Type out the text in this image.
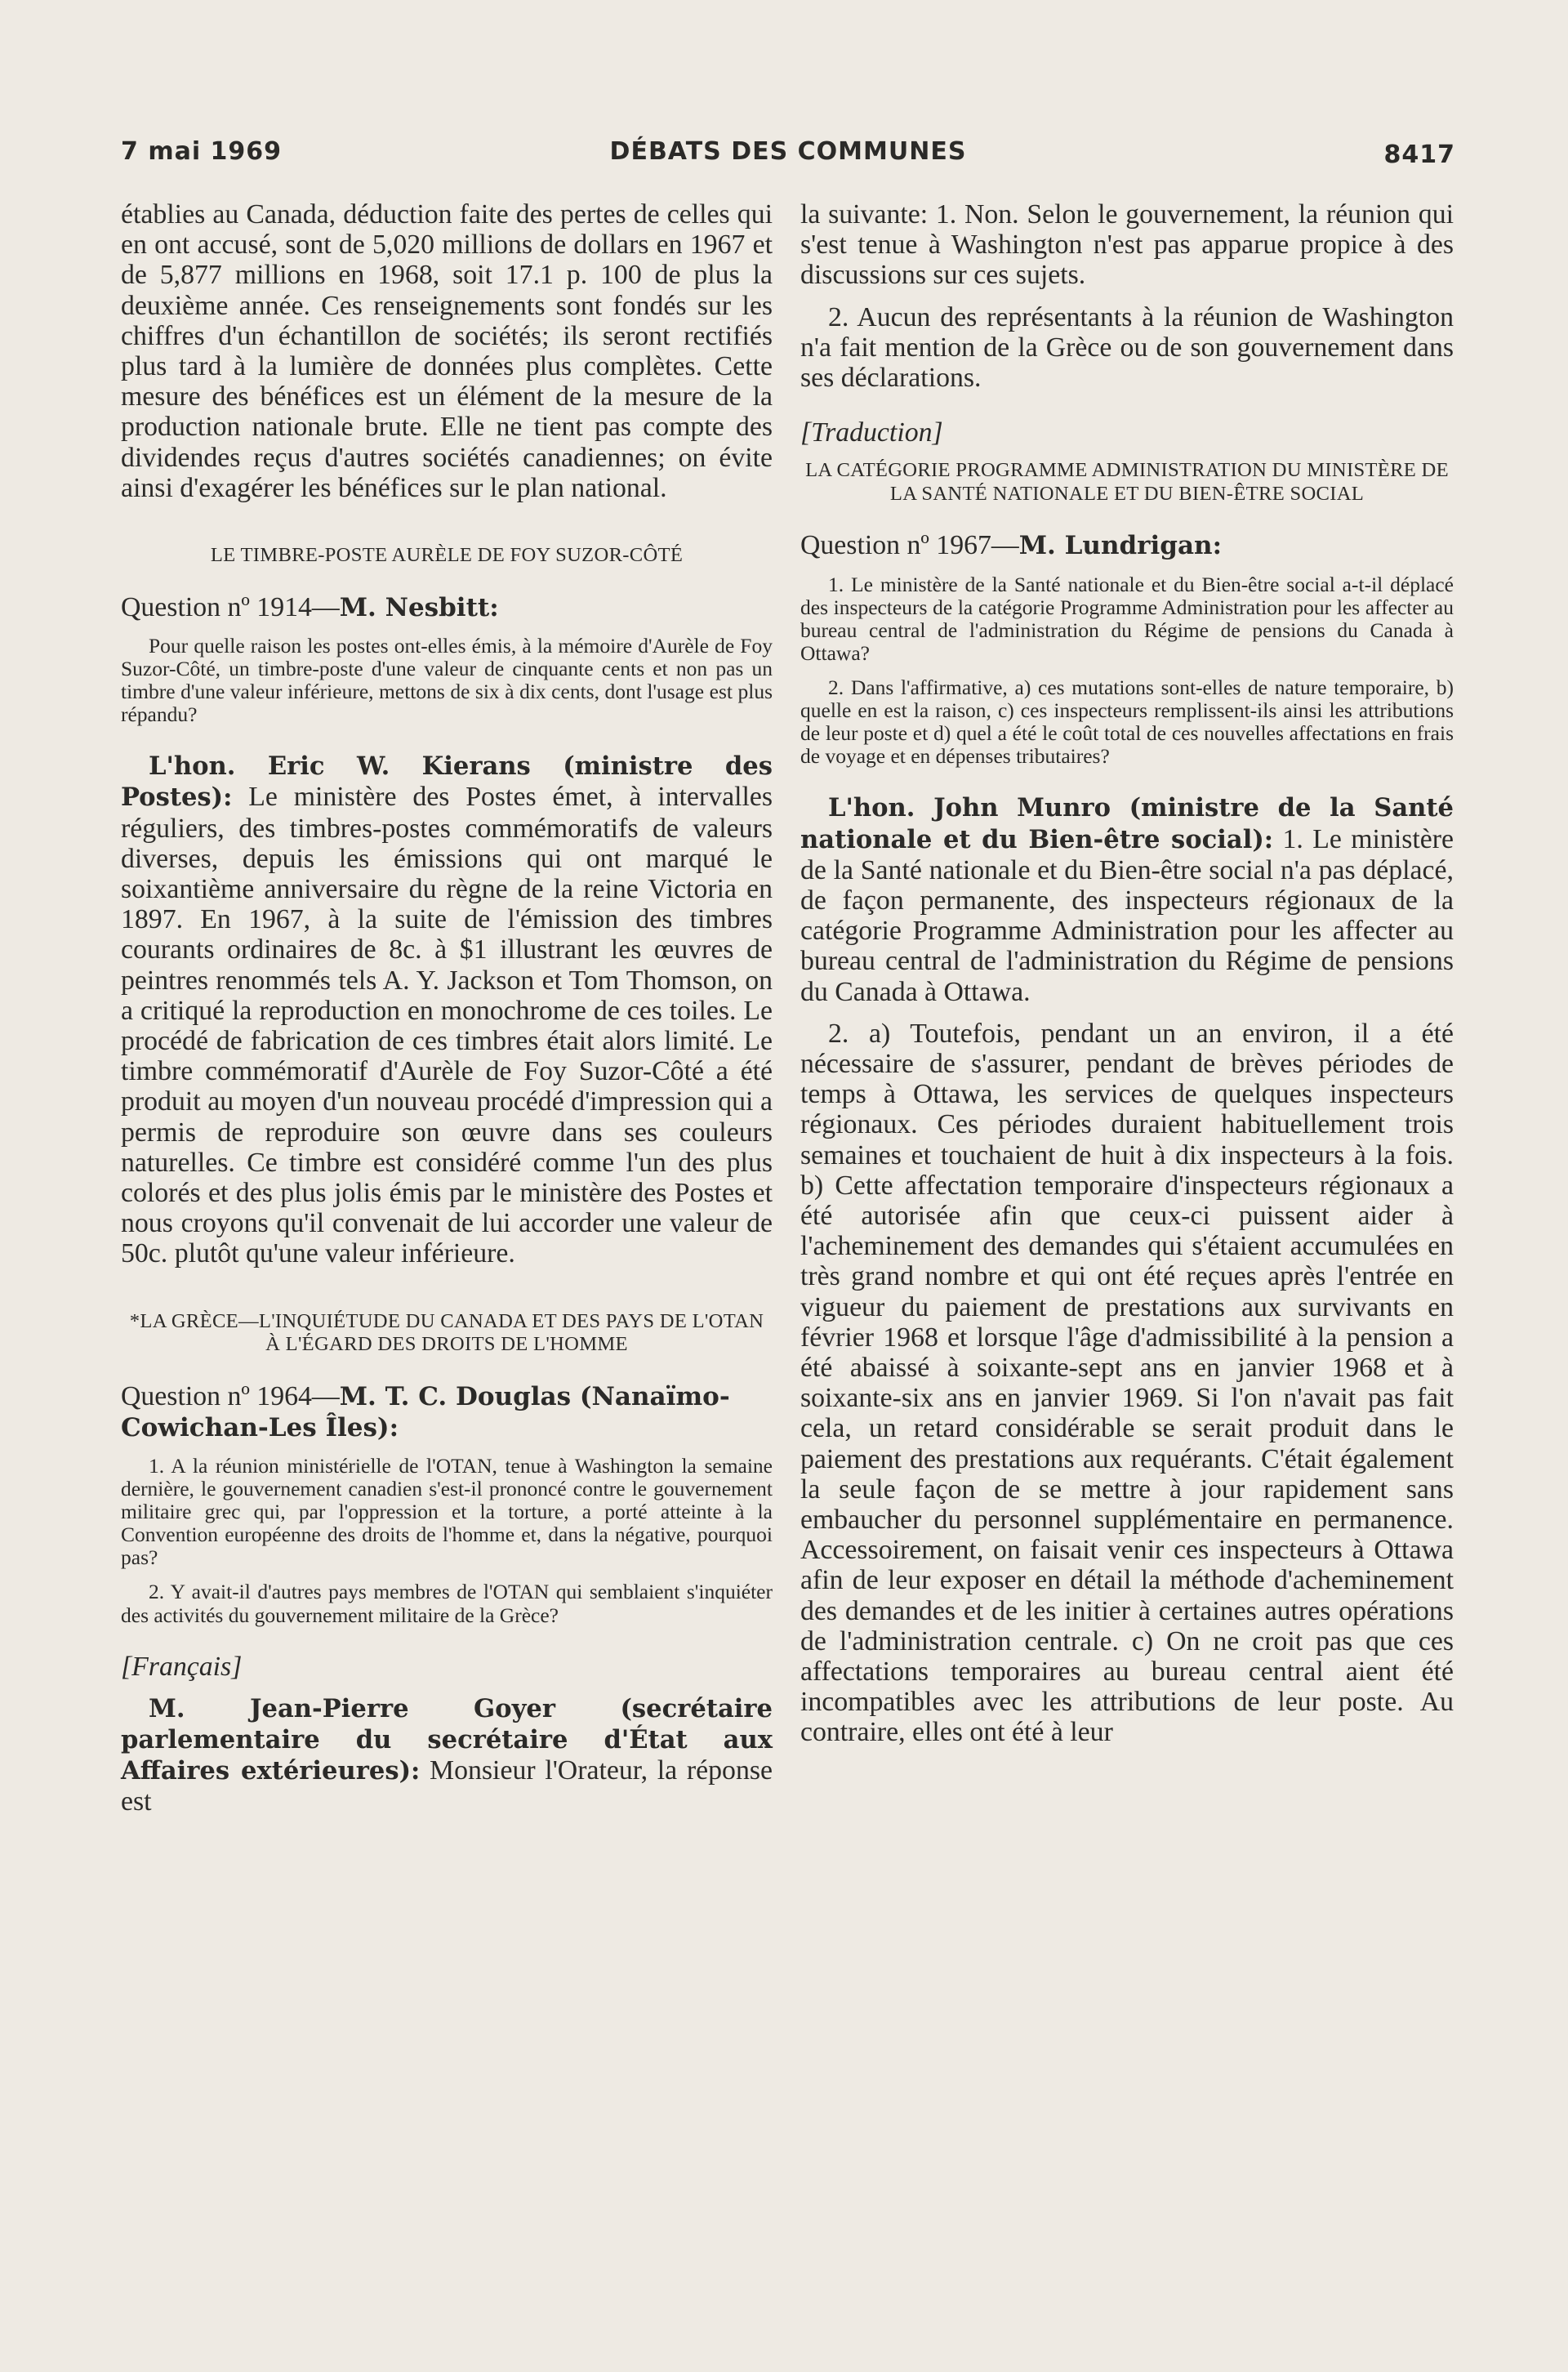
7 mai 1969	DÉBATS DES COMMUNES	8417

établies au Canada, déduction faite des pertes de celles qui en ont accusé, sont de 5,020 millions de dollars en 1967 et de 5,877 millions en 1968, soit 17.1 p. 100 de plus la deuxième année. Ces renseignements sont fondés sur les chiffres d'un échantillon de sociétés; ils seront rectifiés plus tard à la lumière de données plus complètes. Cette mesure des bénéfices est un élément de la mesure de la production nationale brute. Elle ne tient pas compte des dividendes reçus d'autres sociétés canadiennes; on évite ainsi d'exagérer les bénéfices sur le plan national.

LE TIMBRE-POSTE AURÈLE DE FOY SUZOR-CÔTÉ

Question nº 1914—M. Nesbitt:

Pour quelle raison les postes ont-elles émis, à la mémoire d'Aurèle de Foy Suzor-Côté, un timbre-poste d'une valeur de cinquante cents et non pas un timbre d'une valeur inférieure, mettons de six à dix cents, dont l'usage est plus répandu?

L'hon. Eric W. Kierans (ministre des Postes): Le ministère des Postes émet, à intervalles réguliers, des timbres-postes commémoratifs de valeurs diverses, depuis les émissions qui ont marqué le soixantième anniversaire du règne de la reine Victoria en 1897. En 1967, à la suite de l'émission des timbres courants ordinaires de 8c. à $1 illustrant les œuvres de peintres renommés tels A. Y. Jackson et Tom Thomson, on a critiqué la reproduction en monochrome de ces toiles. Le procédé de fabrication de ces timbres était alors limité. Le timbre commémoratif d'Aurèle de Foy Suzor-Côté a été produit au moyen d'un nouveau procédé d'impression qui a permis de reproduire son œuvre dans ses couleurs naturelles. Ce timbre est considéré comme l'un des plus colorés et des plus jolis émis par le ministère des Postes et nous croyons qu'il convenait de lui accorder une valeur de 50c. plutôt qu'une valeur inférieure.

*LA GRÈCE—L'INQUIÉTUDE DU CANADA ET DES PAYS DE L'OTAN À L'ÉGARD DES DROITS DE L'HOMME

Question nº 1964—M. T. C. Douglas (Nanaïmo-Cowichan-Les Îles):

1. A la réunion ministérielle de l'OTAN, tenue à Washington la semaine dernière, le gouvernement canadien s'est-il prononcé contre le gouvernement militaire grec qui, par l'oppression et la torture, a porté atteinte à la Convention européenne des droits de l'homme et, dans la négative, pourquoi pas?

2. Y avait-il d'autres pays membres de l'OTAN qui semblaient s'inquiéter des activités du gouvernement militaire de la Grèce?

[Français]

M. Jean-Pierre Goyer (secrétaire parlementaire du secrétaire d'État aux Affaires extérieures): Monsieur l'Orateur, la réponse est

la suivante: 1. Non. Selon le gouvernement, la réunion qui s'est tenue à Washington n'est pas apparue propice à des discussions sur ces sujets.

2. Aucun des représentants à la réunion de Washington n'a fait mention de la Grèce ou de son gouvernement dans ses déclarations.

[Traduction]

LA CATÉGORIE PROGRAMME ADMINISTRATION DU MINISTÈRE DE LA SANTÉ NATIONALE ET DU BIEN-ÊTRE SOCIAL

Question nº 1967—M. Lundrigan:

1. Le ministère de la Santé nationale et du Bien-être social a-t-il déplacé des inspecteurs de la catégorie Programme Administration pour les affecter au bureau central de l'administration du Régime de pensions du Canada à Ottawa?

2. Dans l'affirmative, a) ces mutations sont-elles de nature temporaire, b) quelle en est la raison, c) ces inspecteurs remplissent-ils ainsi les attributions de leur poste et d) quel a été le coût total de ces nouvelles affectations en frais de voyage et en dépenses tributaires?

L'hon. John Munro (ministre de la Santé nationale et du Bien-être social): 1. Le ministère de la Santé nationale et du Bien-être social n'a pas déplacé, de façon permanente, des inspecteurs régionaux de la catégorie Programme Administration pour les affecter au bureau central de l'administration du Régime de pensions du Canada à Ottawa.

2. a) Toutefois, pendant un an environ, il a été nécessaire de s'assurer, pendant de brèves périodes de temps à Ottawa, les services de quelques inspecteurs régionaux. Ces périodes duraient habituellement trois semaines et touchaient de huit à dix inspecteurs à la fois. b) Cette affectation temporaire d'inspecteurs régionaux a été autorisée afin que ceux-ci puissent aider à l'acheminement des demandes qui s'étaient accumulées en très grand nombre et qui ont été reçues après l'entrée en vigueur du paiement de prestations aux survivants en février 1968 et lorsque l'âge d'admissibilité à la pension a été abaissé à soixante-sept ans en janvier 1968 et à soixante-six ans en janvier 1969. Si l'on n'avait pas fait cela, un retard considérable se serait produit dans le paiement des prestations aux requérants. C'était également la seule façon de se mettre à jour rapidement sans embaucher du personnel supplémentaire en permanence. Accessoirement, on faisait venir ces inspecteurs à Ottawa afin de leur exposer en détail la méthode d'acheminement des demandes et de les initier à certaines autres opérations de l'administration centrale. c) On ne croit pas que ces affectations temporaires au bureau central aient été incompatibles avec les attributions de leur poste. Au contraire, elles ont été à leur
